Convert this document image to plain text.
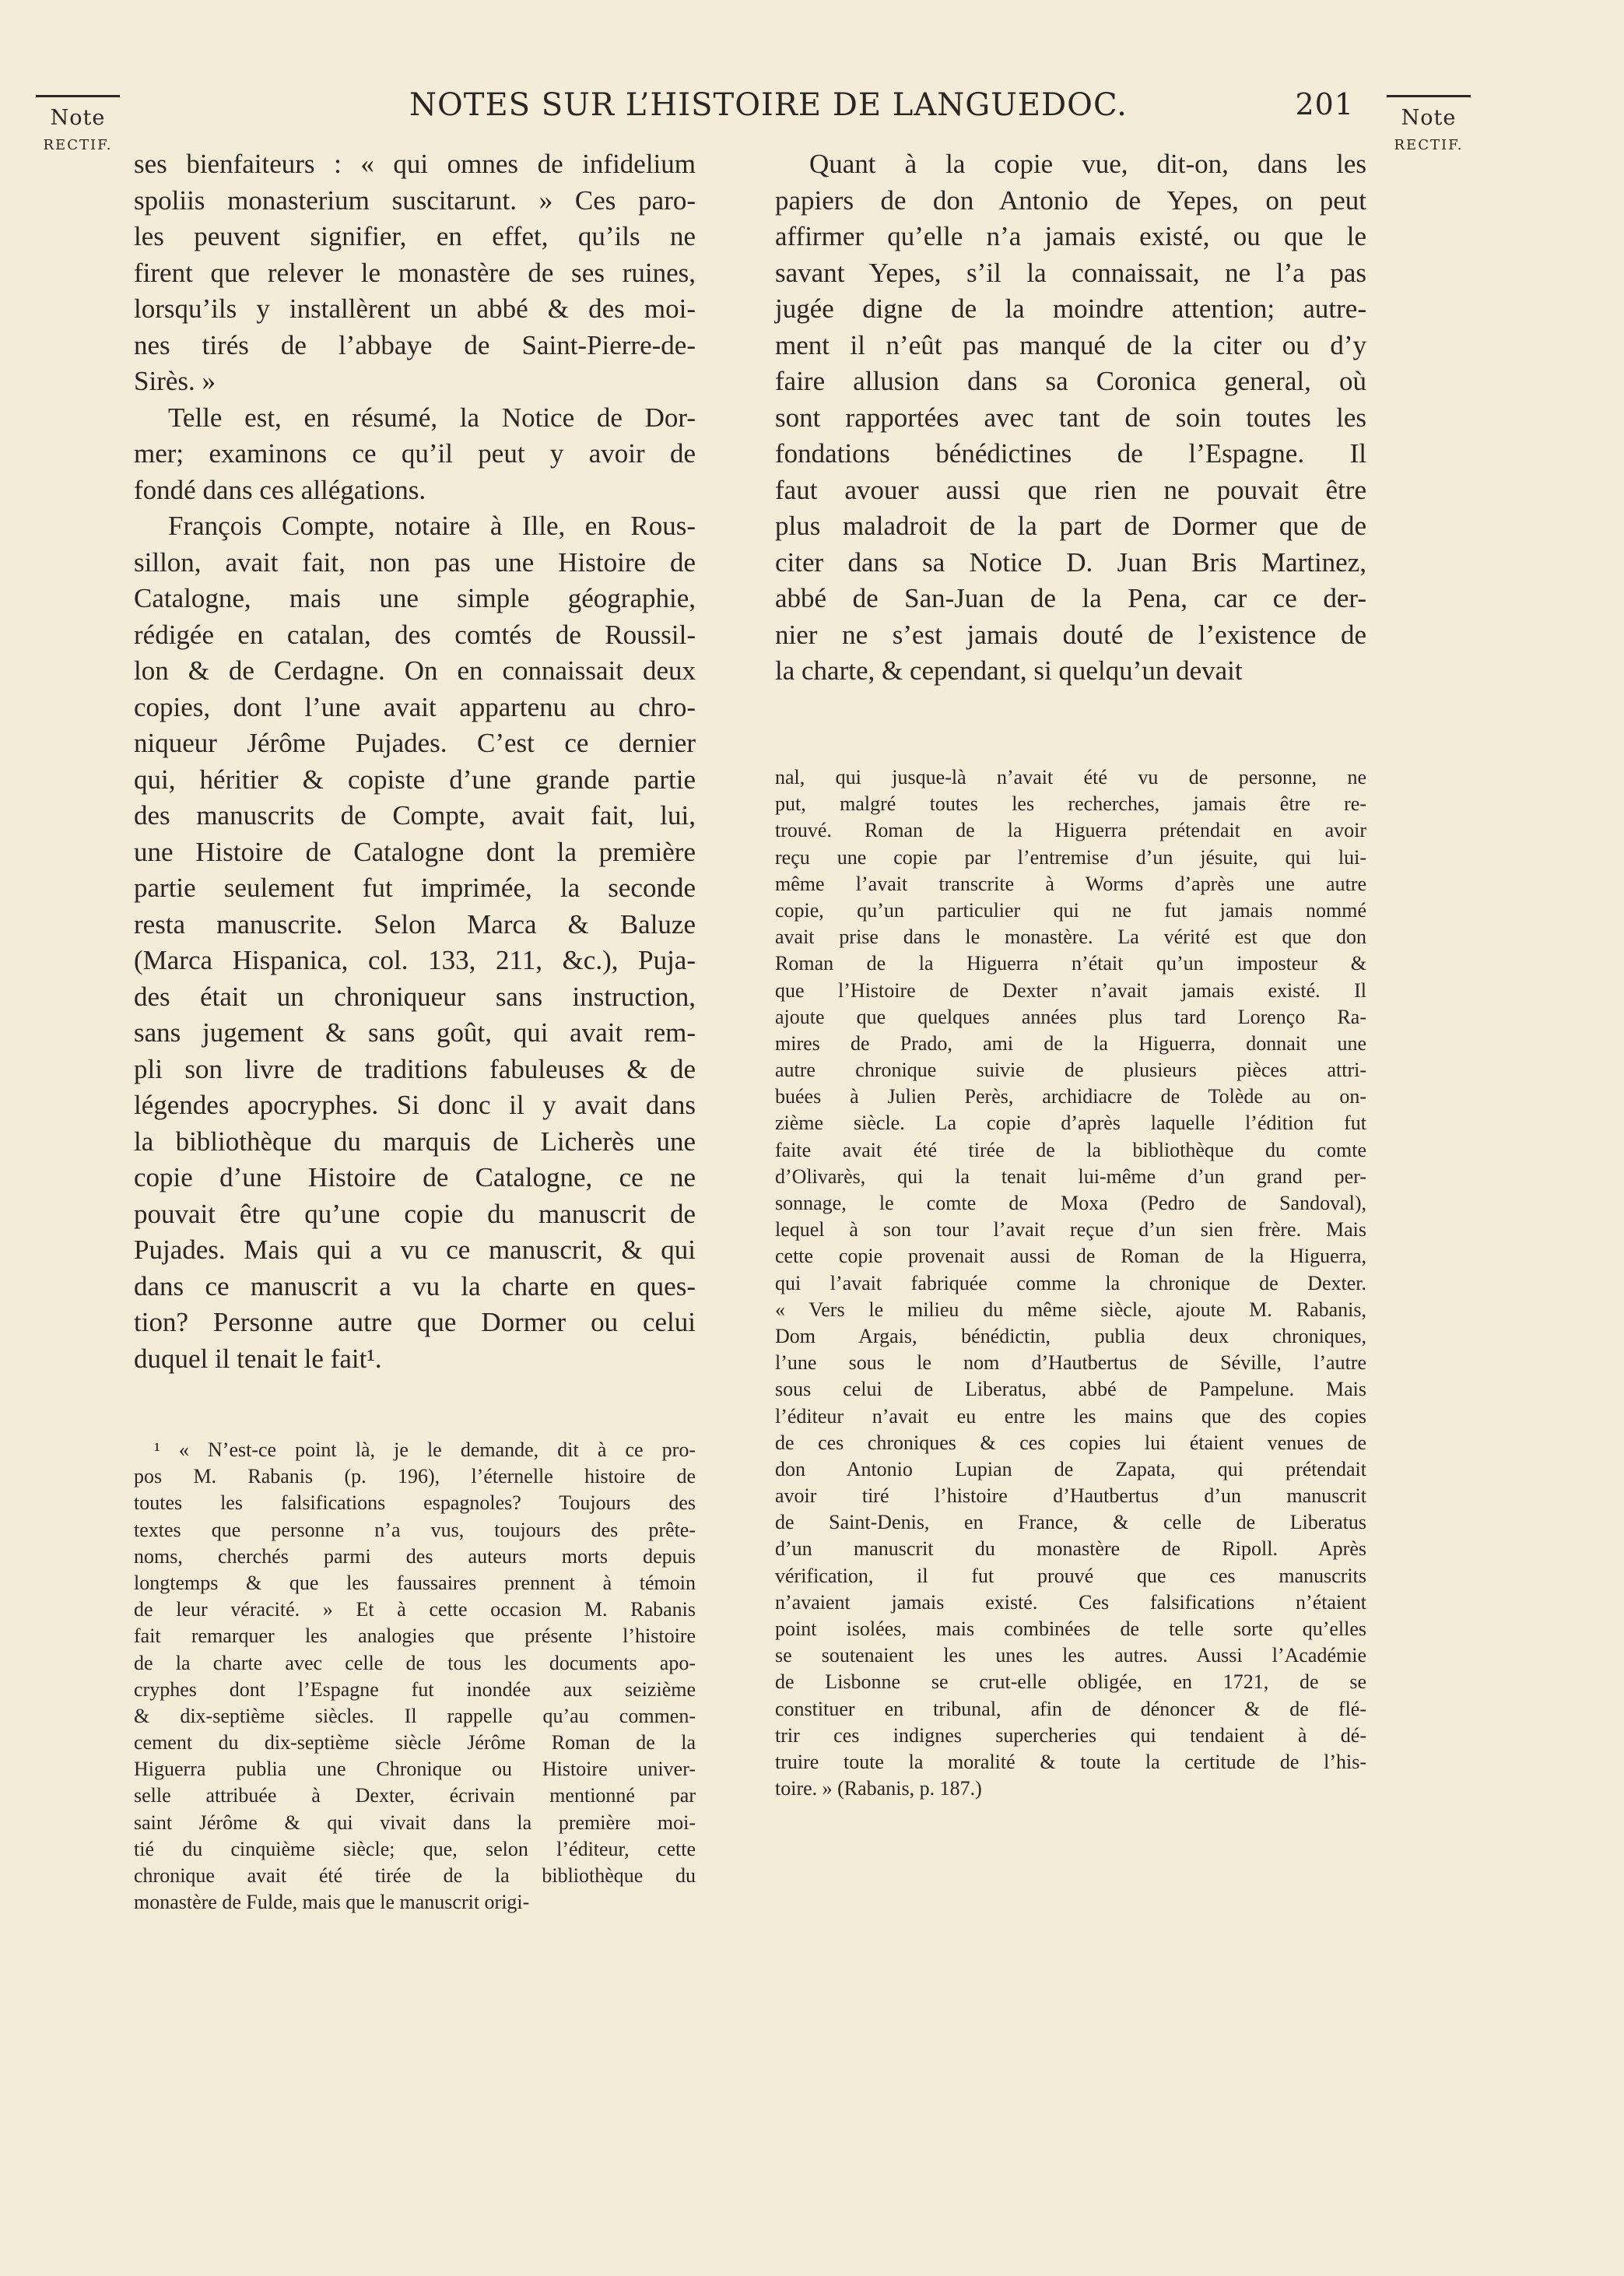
Note
RECTIF.
Note
RECTIF.
NOTES SUR L’HISTOIRE DE LANGUEDOC.	201
ses bienfaiteurs : « qui omnes de infidelium
spoliis monasterium suscitarunt. » Ces paro-
les peuvent signifier, en effet, qu’ils ne
firent que relever le monastère de ses ruines,
lorsqu’ils y installèrent un abbé & des moi-
nes tirés de l’abbaye de Saint-Pierre-de-
Sirès. »
Telle est, en résumé, la Notice de Dor-
mer; examinons ce qu’il peut y avoir de
fondé dans ces allégations.
François Compte, notaire à Ille, en Rous-
sillon, avait fait, non pas une Histoire de
Catalogne, mais une simple géographie,
rédigée en catalan, des comtés de Roussil-
lon & de Cerdagne. On en connaissait deux
copies, dont l’une avait appartenu au chro-
niqueur Jérôme Pujades. C’est ce dernier
qui, héritier & copiste d’une grande partie
des manuscrits de Compte, avait fait, lui,
une Histoire de Catalogne dont la première
partie seulement fut imprimée, la seconde
resta manuscrite. Selon Marca & Baluze
(Marca Hispanica, col. 133, 211, &c.), Puja-
des était un chroniqueur sans instruction,
sans jugement & sans goût, qui avait rem-
pli son livre de traditions fabuleuses & de
légendes apocryphes. Si donc il y avait dans
la bibliothèque du marquis de Licherès une
copie d’une Histoire de Catalogne, ce ne
pouvait être qu’une copie du manuscrit de
Pujades. Mais qui a vu ce manuscrit, & qui
dans ce manuscrit a vu la charte en ques-
tion? Personne autre que Dormer ou celui
duquel il tenait le fait¹.
Quant à la copie vue, dit-on, dans les
papiers de don Antonio de Yepes, on peut
affirmer qu’elle n’a jamais existé, ou que le
savant Yepes, s’il la connaissait, ne l’a pas
jugée digne de la moindre attention; autre-
ment il n’eût pas manqué de la citer ou d’y
faire allusion dans sa Coronica general, où
sont rapportées avec tant de soin toutes les
fondations bénédictines de l’Espagne. Il
faut avouer aussi que rien ne pouvait être
plus maladroit de la part de Dormer que de
citer dans sa Notice D. Juan Bris Martinez,
abbé de San-Juan de la Pena, car ce der-
nier ne s’est jamais douté de l’existence de
la charte, & cependant, si quelqu’un devait
¹ « N’est-ce point là, je le demande, dit à ce pro-
pos M. Rabanis (p. 196), l’éternelle histoire de
toutes les falsifications espagnoles? Toujours des
textes que personne n’a vus, toujours des prête-
noms, cherchés parmi des auteurs morts depuis
longtemps & que les faussaires prennent à témoin
de leur véracité. » Et à cette occasion M. Rabanis
fait remarquer les analogies que présente l’histoire
de la charte avec celle de tous les documents apo-
cryphes dont l’Espagne fut inondée aux seizième
& dix-septième siècles. Il rappelle qu’au commen-
cement du dix-septième siècle Jérôme Roman de la
Higuerra publia une Chronique ou Histoire univer-
selle attribuée à Dexter, écrivain mentionné par
saint Jérôme & qui vivait dans la première moi-
tié du cinquième siècle; que, selon l’éditeur, cette
chronique avait été tirée de la bibliothèque du
monastère de Fulde, mais que le manuscrit origi-
nal, qui jusque-là n’avait été vu de personne, ne
put, malgré toutes les recherches, jamais être re-
trouvé. Roman de la Higuerra prétendait en avoir
reçu une copie par l’entremise d’un jésuite, qui lui-
même l’avait transcrite à Worms d’après une autre
copie, qu’un particulier qui ne fut jamais nommé
avait prise dans le monastère. La vérité est que don
Roman de la Higuerra n’était qu’un imposteur &
que l’Histoire de Dexter n’avait jamais existé. Il
ajoute que quelques années plus tard Lorenço Ra-
mires de Prado, ami de la Higuerra, donnait une
autre chronique suivie de plusieurs pièces attri-
buées à Julien Perès, archidiacre de Tolède au on-
zième siècle. La copie d’après laquelle l’édition fut
faite avait été tirée de la bibliothèque du comte
d’Olivarès, qui la tenait lui-même d’un grand per-
sonnage, le comte de Moxa (Pedro de Sandoval),
lequel à son tour l’avait reçue d’un sien frère. Mais
cette copie provenait aussi de Roman de la Higuerra,
qui l’avait fabriquée comme la chronique de Dexter.
« Vers le milieu du même siècle, ajoute M. Rabanis,
Dom Argais, bénédictin, publia deux chroniques,
l’une sous le nom d’Hautbertus de Séville, l’autre
sous celui de Liberatus, abbé de Pampelune. Mais
l’éditeur n’avait eu entre les mains que des copies
de ces chroniques & ces copies lui étaient venues de
don Antonio Lupian de Zapata, qui prétendait
avoir tiré l’histoire d’Hautbertus d’un manuscrit
de Saint-Denis, en France, & celle de Liberatus
d’un manuscrit du monastère de Ripoll. Après
vérification, il fut prouvé que ces manuscrits
n’avaient jamais existé. Ces falsifications n’étaient
point isolées, mais combinées de telle sorte qu’elles
se soutenaient les unes les autres. Aussi l’Académie
de Lisbonne se crut-elle obligée, en 1721, de se
constituer en tribunal, afin de dénoncer & de flé-
trir ces indignes supercheries qui tendaient à dé-
truire toute la moralité & toute la certitude de l’his-
toire. » (Rabanis, p. 187.)
